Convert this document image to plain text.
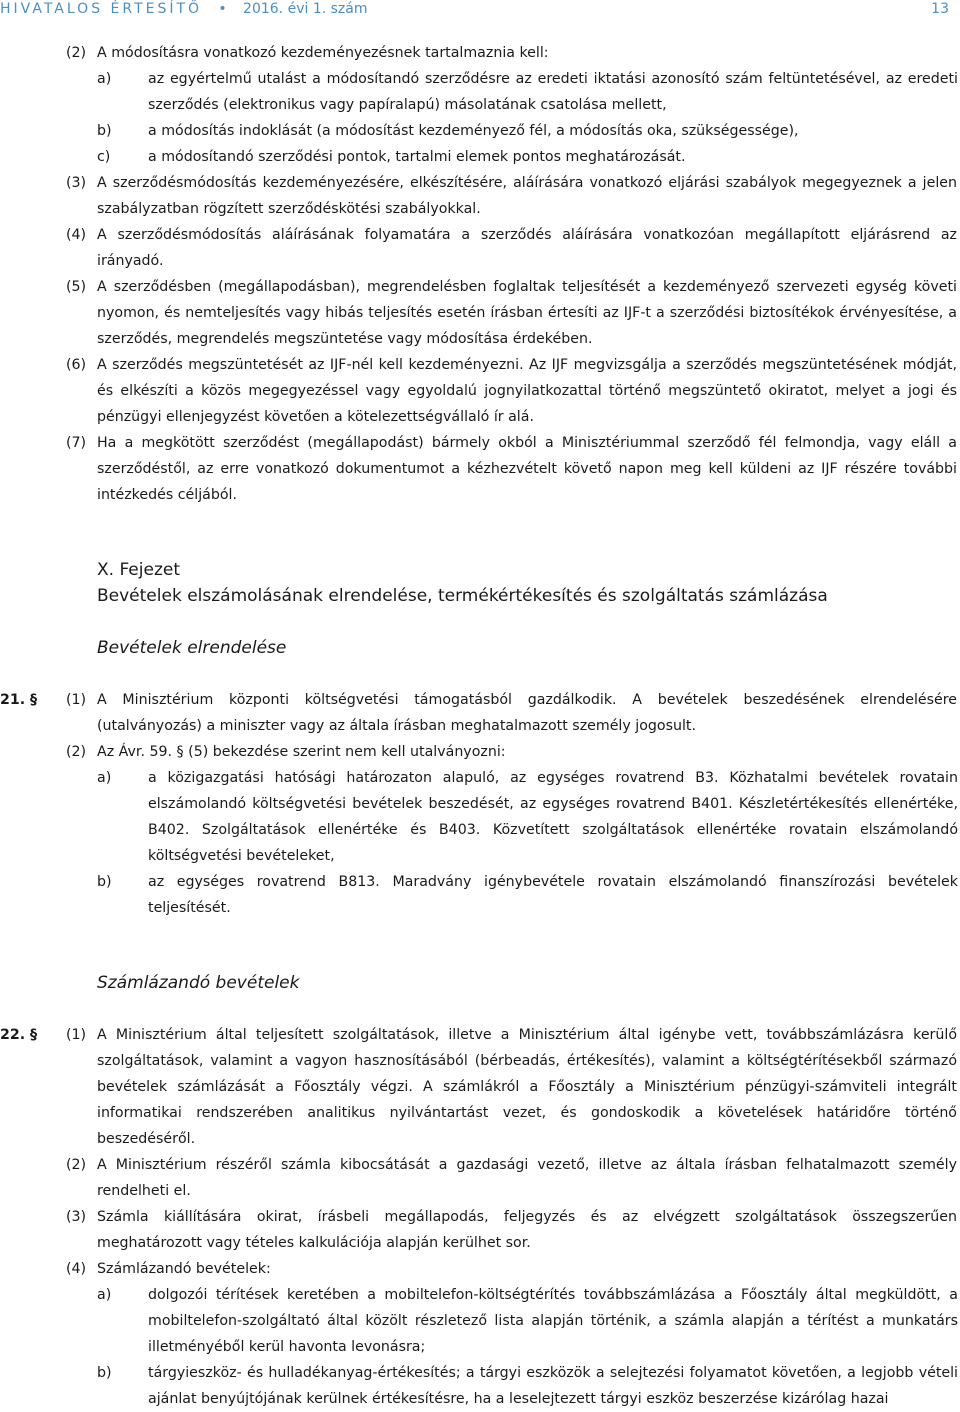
HIVATALOS ÉRTESÍTŐ   •   2016. évi 1. szám	13
(2) A módosításra vonatkozó kezdeményezésnek tartalmaznia kell:
a)	az egyértelmű utalást a módosítandó szerződésre az eredeti iktatási azonosító szám feltüntetésével, az eredeti szerződés (elektronikus vagy papíralapú) másolatának csatolása mellett,
b)	a módosítás indoklását (a módosítást kezdeményező fél, a módosítás oka, szükségessége),
c)	a módosítandó szerződési pontok, tartalmi elemek pontos meghatározását.
(3) A szerződésmódosítás kezdeményezésére, elkészítésére, aláírására vonatkozó eljárási szabályok megegyeznek a jelen szabályzatban rögzített szerződéskötési szabályokkal.
(4) A szerződésmódosítás aláírásának folyamatára a szerződés aláírására vonatkozóan megállapított eljárásrend az irányadó.
(5) A szerződésben (megállapodásban), megrendelésben foglaltak teljesítését a kezdeményező szervezeti egység követi nyomon, és nemteljesítés vagy hibás teljesítés esetén írásban értesíti az IJF-t a szerződési biztosítékok érvényesítése, a szerződés, megrendelés megszüntetése vagy módosítása érdekében.
(6) A szerződés megszüntetését az IJF-nél kell kezdeményezni. Az IJF megvizsgálja a szerződés megszüntetésének módját, és elkészíti a közös megegyezéssel vagy egyoldalú jognyilatkozattal történő megszüntető okiratot, melyet a jogi és pénzügyi ellenjegyzést követően a kötelezettségvállaló ír alá.
(7) Ha a megkötött szerződést (megállapodást) bármely okból a Minisztériummal szerződő fél felmondja, vagy eláll a szerződéstől, az erre vonatkozó dokumentumot a kézhezvételt követő napon meg kell küldeni az IJF részére további intézkedés céljából.
X. Fejezet
Bevételek elszámolásának elrendelése, termékértékesítés és szolgáltatás számlázása
Bevételek elrendelése
21. § (1) A Minisztérium központi költségvetési támogatásból gazdálkodik. A bevételek beszedésének elrendelésére (utalványozás) a miniszter vagy az általa írásban meghatalmazott személy jogosult.
(2) Az Ávr. 59. § (5) bekezdése szerint nem kell utalványozni:
a)	a közigazgatási hatósági határozaton alapuló, az egységes rovatrend B3. Közhatalmi bevételek rovatain elszámolandó költségvetési bevételek beszedését, az egységes rovatrend B401. Készletértékesítés ellenértéke, B402. Szolgáltatások ellenértéke és B403. Közvetített szolgáltatások ellenértéke rovatain elszámolandó költségvetési bevételeket,
b)	az egységes rovatrend B813. Maradvány igénybevétele rovatain elszámolandó finanszírozási bevételek teljesítését.
Számlázandó bevételek
22. § (1) A Minisztérium által teljesített szolgáltatások, illetve a Minisztérium által igénybe vett, továbbszámlázásra kerülő szolgáltatások, valamint a vagyon hasznosításából (bérbeadás, értékesítés), valamint a költségtérítésekből származó bevételek számlázását a Főosztály végzi. A számlákról a Főosztály a Minisztérium pénzügyi-számviteli integrált informatikai rendszerében analitikus nyilvántartást vezet, és gondoskodik a követelések határidőre történő beszedéséről.
(2) A Minisztérium részéről számla kibocsátását a gazdasági vezető, illetve az általa írásban felhatalmazott személy rendelheti el.
(3) Számla kiállítására okirat, írásbeli megállapodás, feljegyzés és az elvégzett szolgáltatások összegszerűen meghatározott vagy tételes kalkulációja alapján kerülhet sor.
(4) Számlázandó bevételek:
a)	dolgozói térítések keretében a mobiltelefon-költségtérítés továbbszámlázása a Főosztály által megküldött, a mobiltelefon-szolgáltató által közölt részletező lista alapján történik, a számla alapján a térítést a munkatárs illetményéből kerül havonta levonásra;
b)	tárgyieszköz- és hulladékanyag-értékesítés; a tárgyi eszközök a selejtezési folyamatot követően, a legjobb vételi ajánlat benyújtójának kerülnek értékesítésre, ha a leselejtezett tárgyi eszköz beszerzése kizárólag hazai
